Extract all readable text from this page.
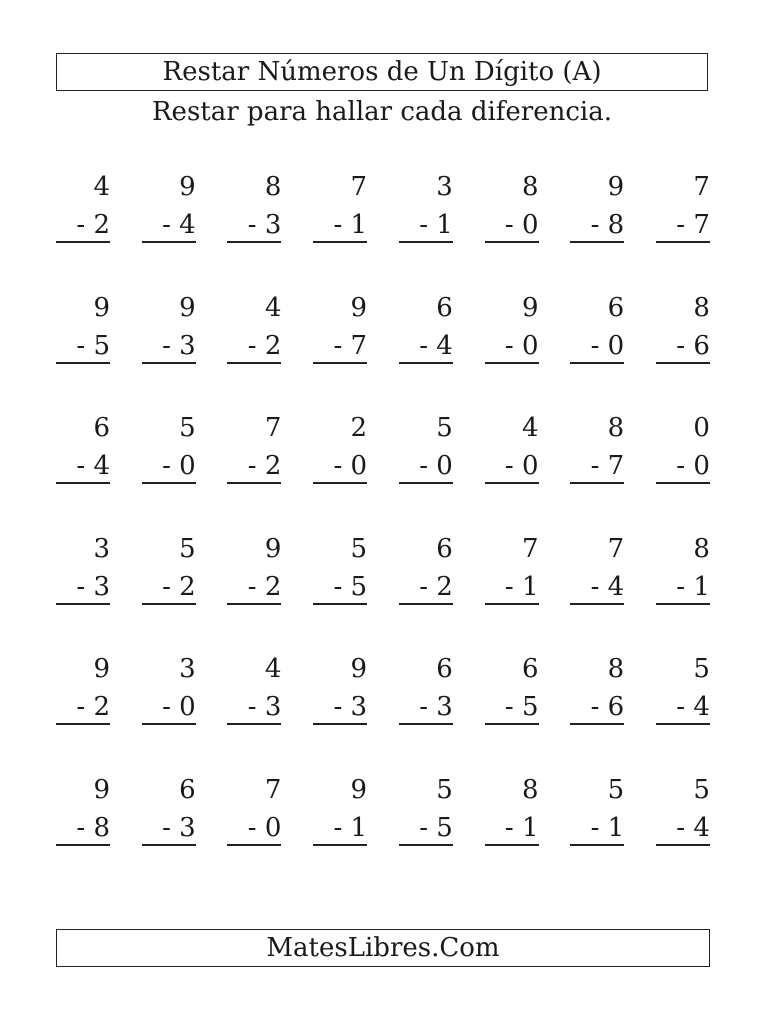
Restar Números de Un Dígito (A)
Restar para hallar cada diferencia.
4
- 2
9
- 4
8
- 3
7
- 1
3
- 1
8
- 0
9
- 8
7
- 7
9
- 5
9
- 3
4
- 2
9
- 7
6
- 4
9
- 0
6
- 0
8
- 6
6
- 4
5
- 0
7
- 2
2
- 0
5
- 0
4
- 0
8
- 7
0
- 0
3
- 3
5
- 2
9
- 2
5
- 5
6
- 2
7
- 1
7
- 4
8
- 1
9
- 2
3
- 0
4
- 3
9
- 3
6
- 3
6
- 5
8
- 6
5
- 4
9
- 8
6
- 3
7
- 0
9
- 1
5
- 5
8
- 1
5
- 1
5
- 4
MatesLibres.Com
